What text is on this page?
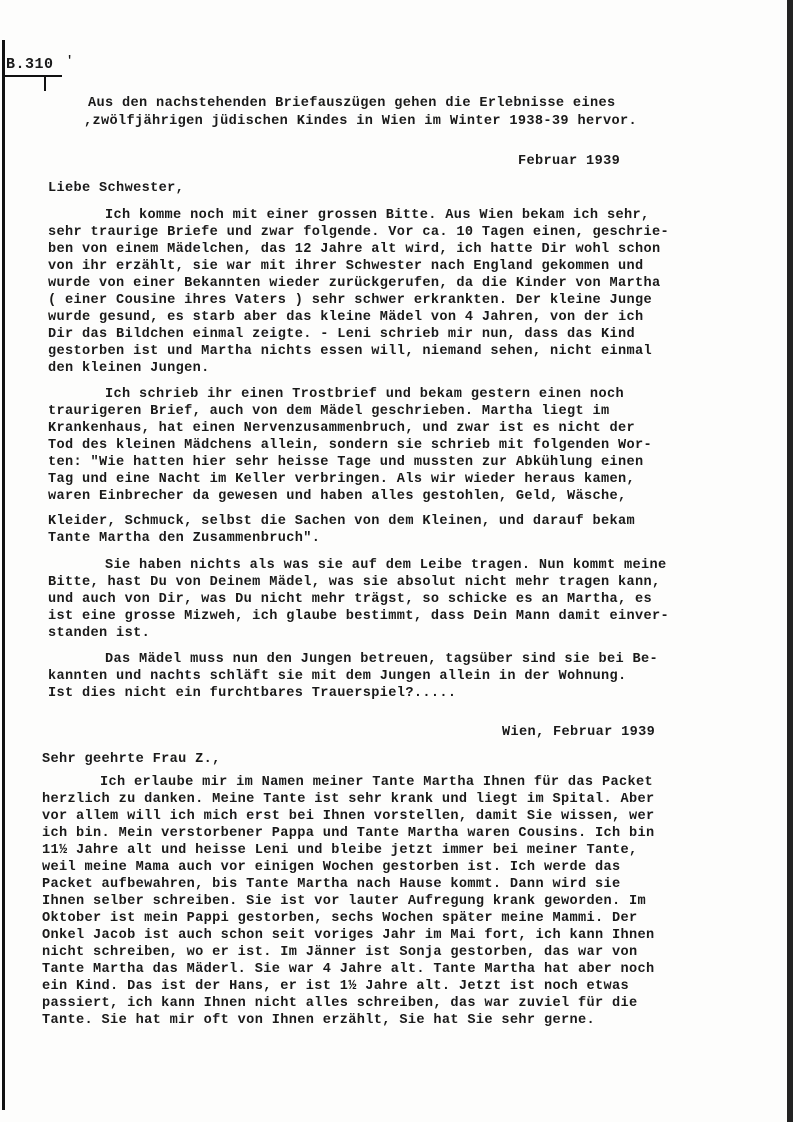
B.310 '
Aus den nachstehenden Briefauszügen gehen die Erlebnisse eines
,zwölfjährigen jüdischen Kindes in Wien im Winter 1938-39 hervor.
Februar 1939
Liebe Schwester,
Ich komme noch mit einer grossen Bitte. Aus Wien bekam ich sehr,
sehr traurige Briefe und zwar folgende. Vor ca. 10 Tagen einen, geschrie-
ben von einem Mädelchen, das 12 Jahre alt wird, ich hatte Dir wohl schon
von ihr erzählt, sie war mit ihrer Schwester nach England gekommen und
wurde von einer Bekannten wieder zurückgerufen, da die Kinder von Martha
( einer Cousine ihres Vaters ) sehr schwer erkrankten. Der kleine Junge
wurde gesund, es starb aber das kleine Mädel von 4 Jahren, von der ich
Dir das Bildchen einmal zeigte. - Leni schrieb mir nun, dass das Kind
gestorben ist und Martha nichts essen will, niemand sehen, nicht einmal
den kleinen Jungen.
Ich schrieb ihr einen Trostbrief und bekam gestern einen noch
traurigeren Brief, auch von dem Mädel geschrieben. Martha liegt im
Krankenhaus, hat einen Nervenzusammenbruch, und zwar ist es nicht der
Tod des kleinen Mädchens allein, sondern sie schrieb mit folgenden Wor-
ten: "Wie hatten hier sehr heisse Tage und mussten zur Abkühlung einen
Tag und eine Nacht im Keller verbringen. Als wir wieder heraus kamen,
waren Einbrecher da gewesen und haben alles gestohlen, Geld, Wäsche,
Kleider, Schmuck, selbst die Sachen von dem Kleinen, und darauf bekam
Tante Martha den Zusammenbruch".
Sie haben nichts als was sie auf dem Leibe tragen. Nun kommt meine
Bitte, hast Du von Deinem Mädel, was sie absolut nicht mehr tragen kann,
und auch von Dir, was Du nicht mehr trägst, so schicke es an Martha, es
ist eine grosse Mizweh, ich glaube bestimmt, dass Dein Mann damit einver-
standen ist.
Das Mädel muss nun den Jungen betreuen, tagsüber sind sie bei Be-
kannten und nachts schläft sie mit dem Jungen allein in der Wohnung.
Ist dies nicht ein furchtbares Trauerspiel?.....
Wien, Februar 1939
Sehr geehrte Frau Z.,
Ich erlaube mir im Namen meiner Tante Martha Ihnen für das Packet
herzlich zu danken. Meine Tante ist sehr krank und liegt im Spital. Aber
vor allem will ich mich erst bei Ihnen vorstellen, damit Sie wissen, wer
ich bin. Mein verstorbener Pappa und Tante Martha waren Cousins. Ich bin
11½ Jahre alt und heisse Leni und bleibe jetzt immer bei meiner Tante,
weil meine Mama auch vor einigen Wochen gestorben ist. Ich werde das
Packet aufbewahren, bis Tante Martha nach Hause kommt. Dann wird sie
Ihnen selber schreiben. Sie ist vor lauter Aufregung krank geworden. Im
Oktober ist mein Pappi gestorben, sechs Wochen später meine Mammi. Der
Onkel Jacob ist auch schon seit voriges Jahr im Mai fort, ich kann Ihnen
nicht schreiben, wo er ist. Im Jänner ist Sonja gestorben, das war von
Tante Martha das Mäderl. Sie war 4 Jahre alt. Tante Martha hat aber noch
ein Kind. Das ist der Hans, er ist 1½ Jahre alt. Jetzt ist noch etwas
passiert, ich kann Ihnen nicht alles schreiben, das war zuviel für die
Tante. Sie hat mir oft von Ihnen erzählt, Sie hat Sie sehr gerne.
